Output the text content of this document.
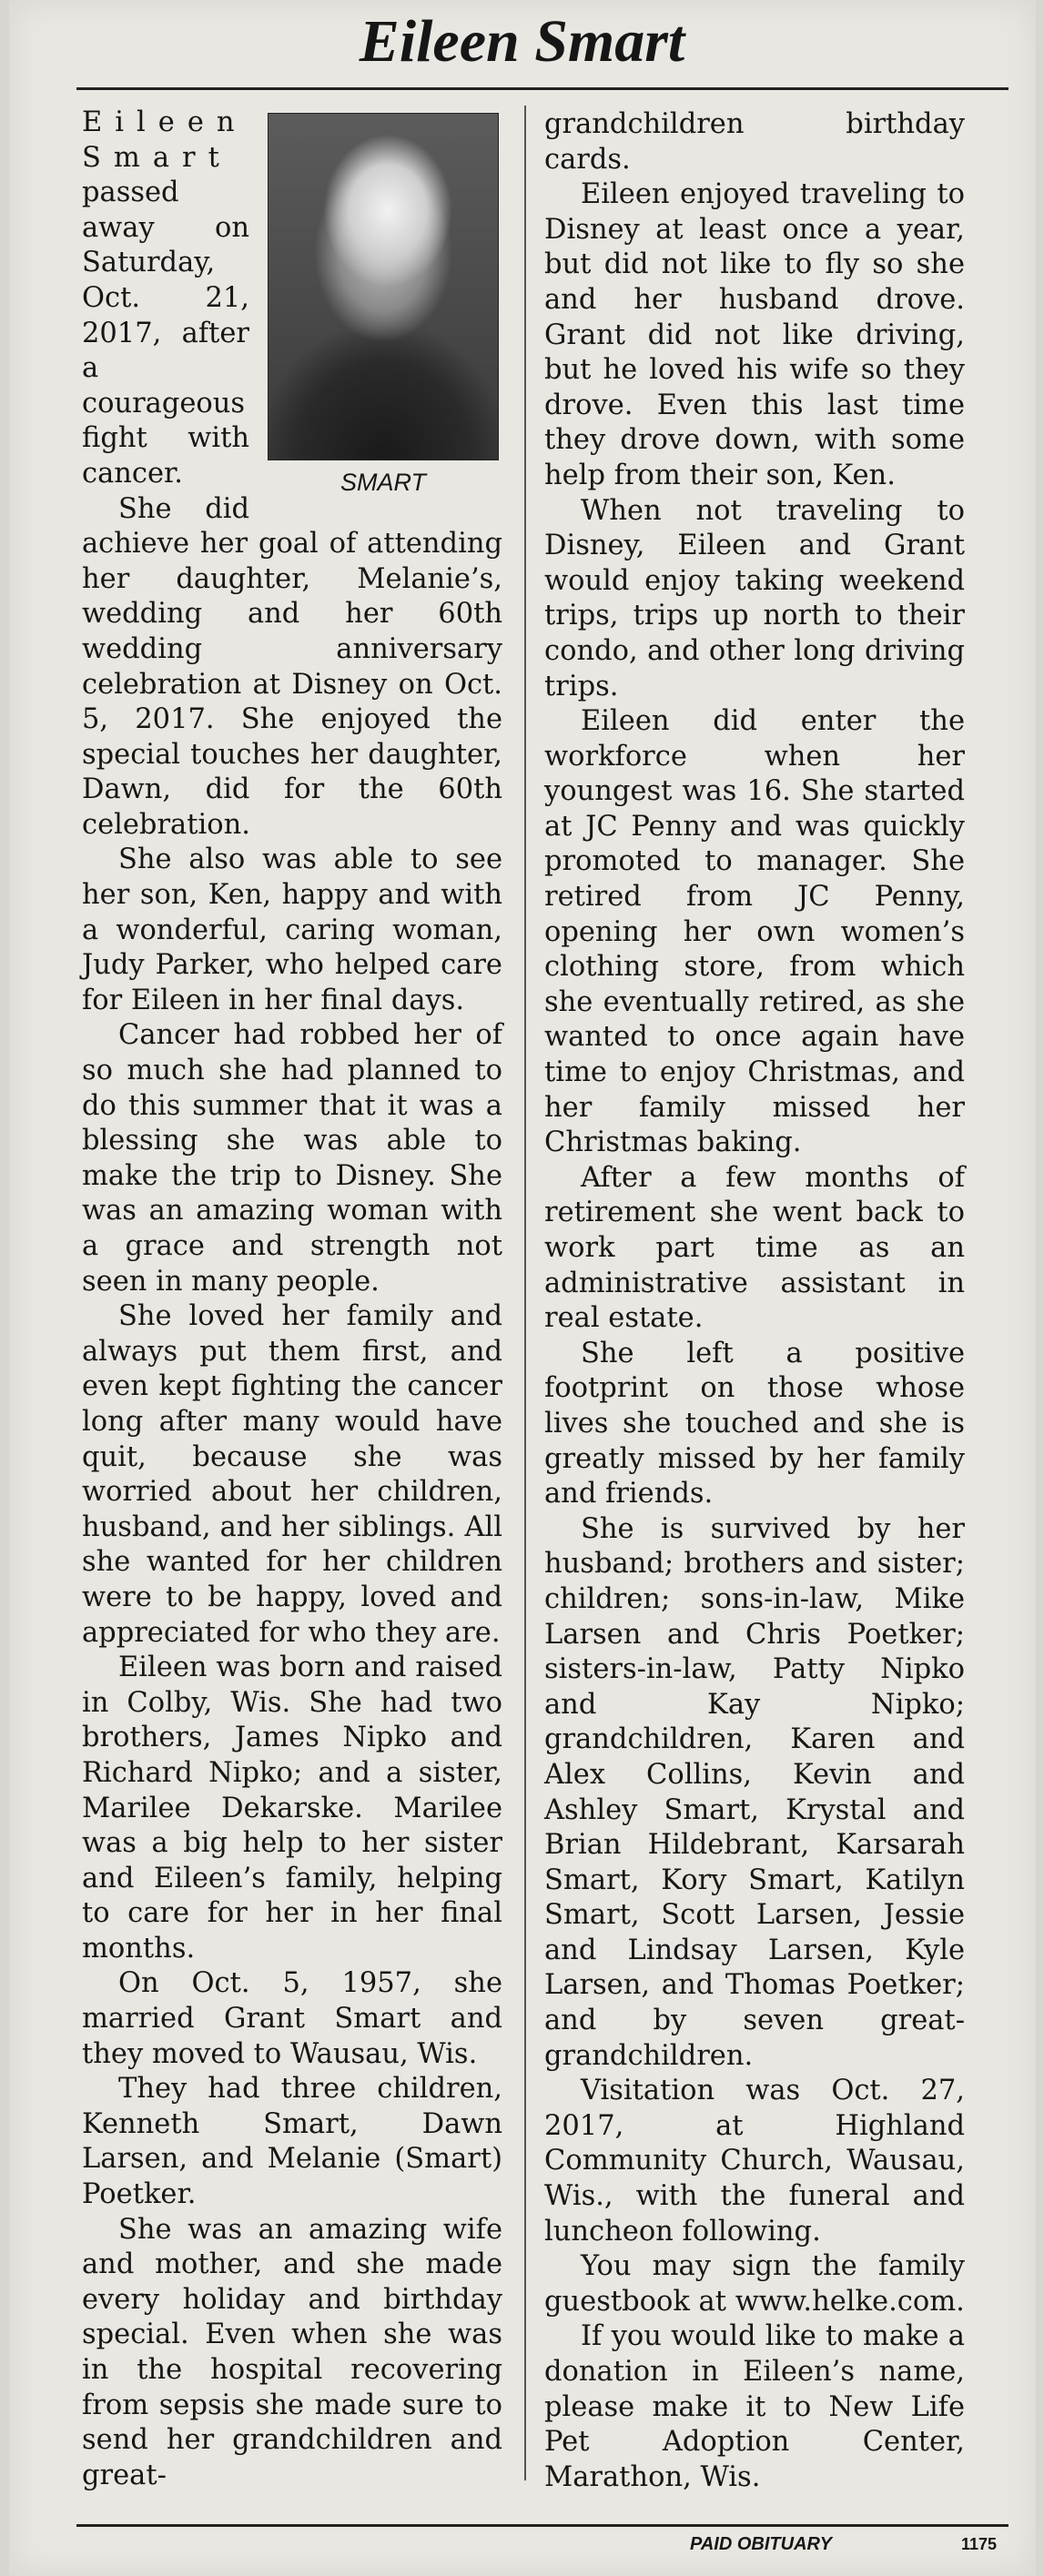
Eileen Smart
SMART

Eileen
Smart
passed away on Saturday, Oct. 21, 2017, after a courageous fight with cancer.

She did achieve her goal of attending her daughter, Melanie’s, wedding and her 60th wedding anniversary celebration at Disney on Oct. 5, 2017. She enjoyed the special touches her daughter, Dawn, did for the 60th celebration.

She also was able to see her son, Ken, happy and with a wonderful, caring woman, Judy Parker, who helped care for Eileen in her final days.

Cancer had robbed her of so much she had planned to do this summer that it was a blessing she was able to make the trip to Disney. She was an amazing woman with a grace and strength not seen in many people.

She loved her family and always put them first, and even kept fighting the cancer long after many would have quit, because she was worried about her children, husband, and her siblings. All she wanted for her children were to be happy, loved and appreciated for who they are.

Eileen was born and raised in Colby, Wis. She had two brothers, James Nipko and Richard Nipko; and a sister, Marilee Dekarske. Marilee was a big help to her sister and Eileen’s family, helping to care for her in her final months.

On Oct. 5, 1957, she married Grant Smart and they moved to Wausau, Wis.

They had three children, Kenneth Smart, Dawn Larsen, and Melanie (Smart) Poetker.

She was an amazing wife and mother, and she made every holiday and birthday special. Even when she was in the hospital recovering from sepsis she made sure to send her grandchildren and great-

grandchildren birthday cards.

Eileen enjoyed traveling to Disney at least once a year, but did not like to fly so she and her husband drove. Grant did not like driving, but he loved his wife so they drove. Even this last time they drove down, with some help from their son, Ken.

When not traveling to Disney, Eileen and Grant would enjoy taking weekend trips, trips up north to their condo, and other long driving trips.

Eileen did enter the workforce when her youngest was 16. She started at JC Penny and was quickly promoted to manager. She retired from JC Penny, opening her own women’s clothing store, from which she eventually retired, as she wanted to once again have time to enjoy Christmas, and her family missed her Christmas baking.

After a few months of retirement she went back to work part time as an administrative assistant in real estate.

She left a positive footprint on those whose lives she touched and she is greatly missed by her family and friends.

She is survived by her husband; brothers and sister; children; sons-in-law, Mike Larsen and Chris Poetker; sisters-in-law, Patty Nipko and Kay Nipko; grandchildren, Karen and Alex Collins, Kevin and Ashley Smart, Krystal and Brian Hildebrant, Karsarah Smart, Kory Smart, Katilyn Smart, Scott Larsen, Jessie and Lindsay Larsen, Kyle Larsen, and Thomas Poetker; and by seven great-grandchildren.

Visitation was Oct. 27, 2017, at Highland Community Church, Wausau, Wis., with the funeral and luncheon following.

You may sign the family guestbook at www.helke.com.

If you would like to make a donation in Eileen’s name, please make it to New Life Pet Adoption Center, Marathon, Wis.

PAID OBITUARY	1175
